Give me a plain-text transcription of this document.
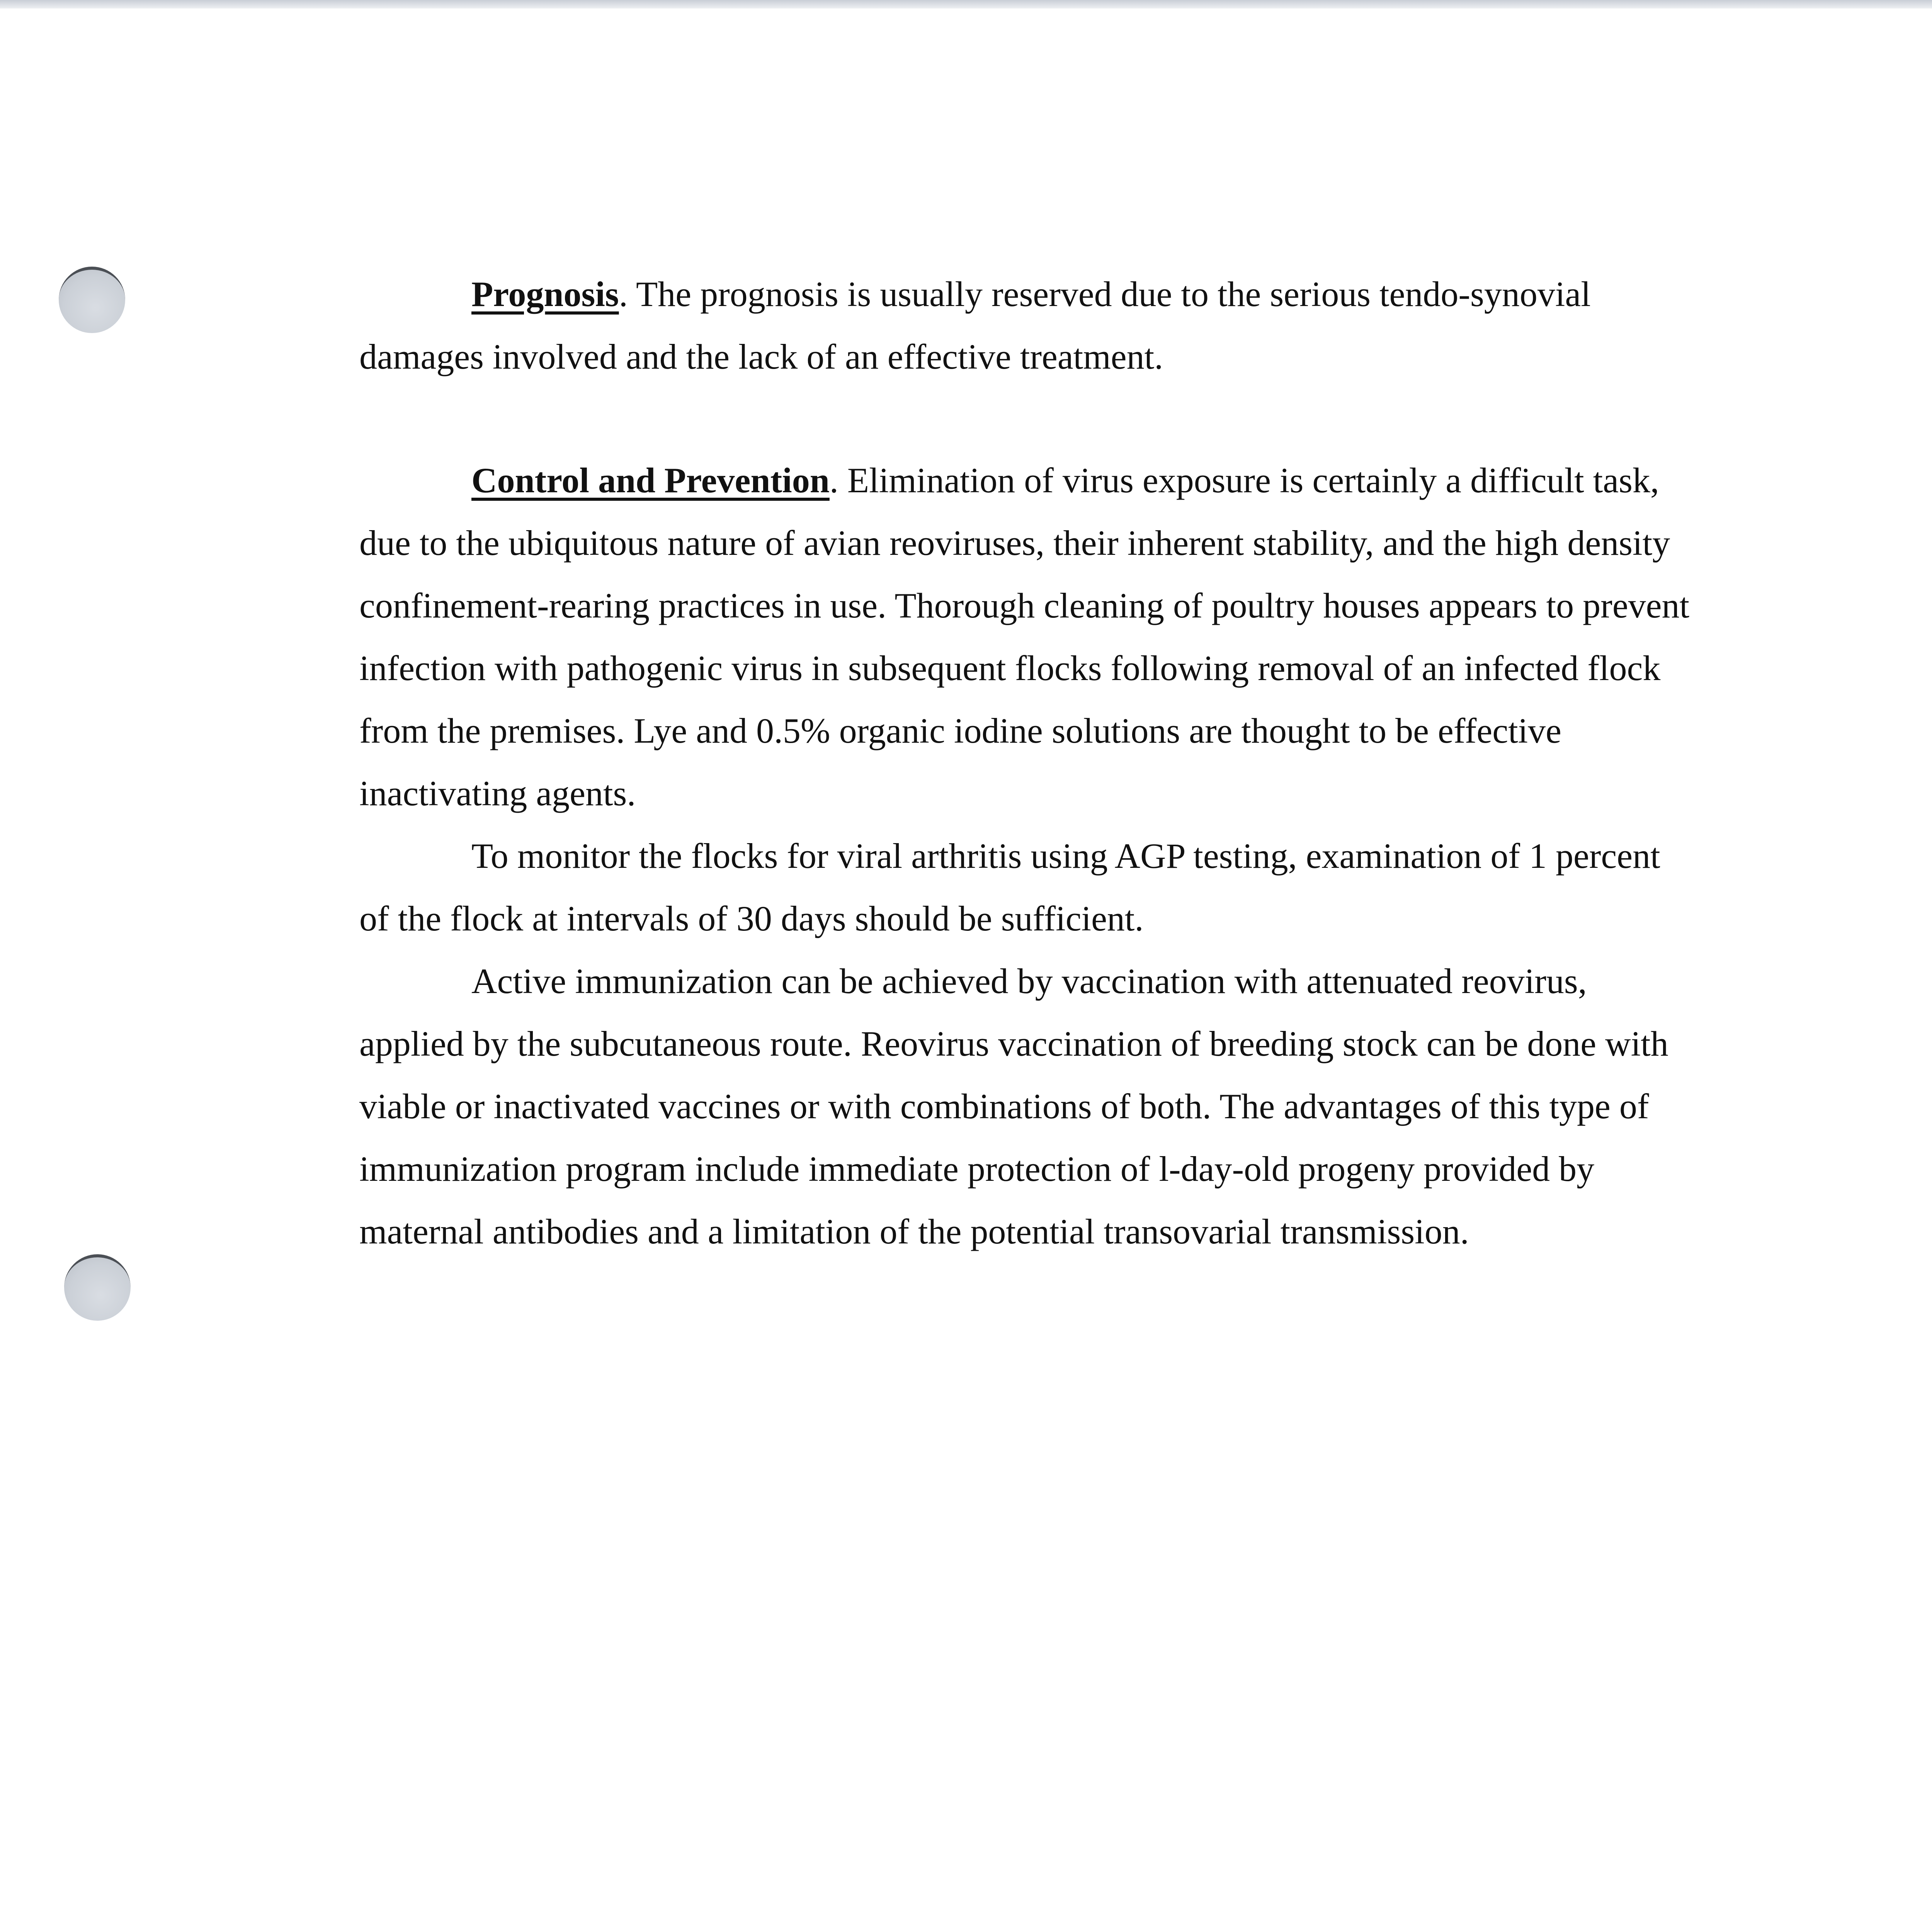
Prognosis. The prognosis is usually reserved due to the serious tendo-synovial damages involved and the lack of an effective treatment.

Control and Prevention. Elimination of virus exposure is certainly a difficult task, due to the ubiquitous nature of avian reoviruses, their inherent stability, and the high density confinement-rearing practices in use. Thorough cleaning of poultry houses appears to prevent infection with pathogenic virus in subsequent flocks following removal of an infected flock from the premises. Lye and 0.5% organic iodine solutions are thought to be effective inactivating agents.

To monitor the flocks for viral arthritis using AGP testing, examination of 1 percent of the flock at intervals of 30 days should be sufficient.

Active immunization can be achieved by vaccination with attenuated reovirus, applied by the subcutaneous route. Reovirus vaccination of breeding stock can be done with viable or inactivated vaccines or with combinations of both. The advantages of this type of immunization program include immediate protection of l-day-old progeny provided by maternal antibodies and a limitation of the potential transovarial transmission.
